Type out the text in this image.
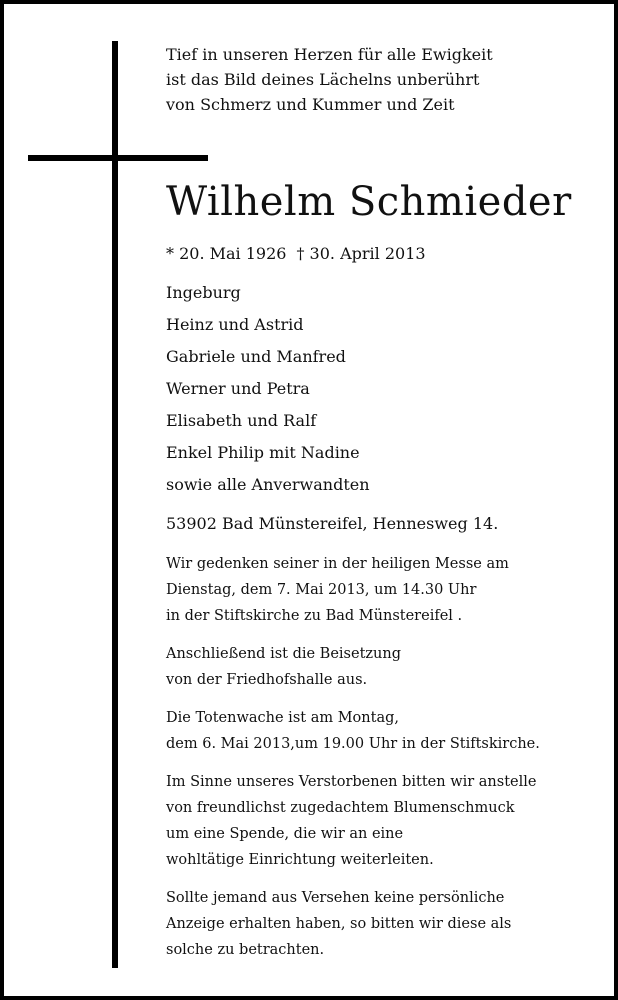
Tief in unseren Herzen für alle Ewigkeit
ist das Bild deines Lächelns unberührt
von Schmerz und Kummer und Zeit
Wilhelm Schmieder
* 20. Mai 1926 † 30. April 2013
Ingeburg
Heinz und Astrid
Gabriele und Manfred
Werner und Petra
Elisabeth und Ralf
Enkel Philip mit Nadine
sowie alle Anverwandten
53902 Bad Münstereifel, Hennesweg 14.
Wir gedenken seiner in der heiligen Messe am
Dienstag, dem 7. Mai 2013, um 14.30 Uhr
in der Stiftskirche zu Bad Münstereifel .
Anschließend ist die Beisetzung
von der Friedhofshalle aus.
Die Totenwache ist am Montag,
dem 6. Mai 2013,um 19.00 Uhr in der Stiftskirche.
Im Sinne unseres Verstorbenen bitten wir anstelle
von freundlichst zugedachtem Blumenschmuck
um eine Spende, die wir an eine
wohltätige Einrichtung weiterleiten.
Sollte jemand aus Versehen keine persönliche
Anzeige erhalten haben, so bitten wir diese als
solche zu betrachten.
